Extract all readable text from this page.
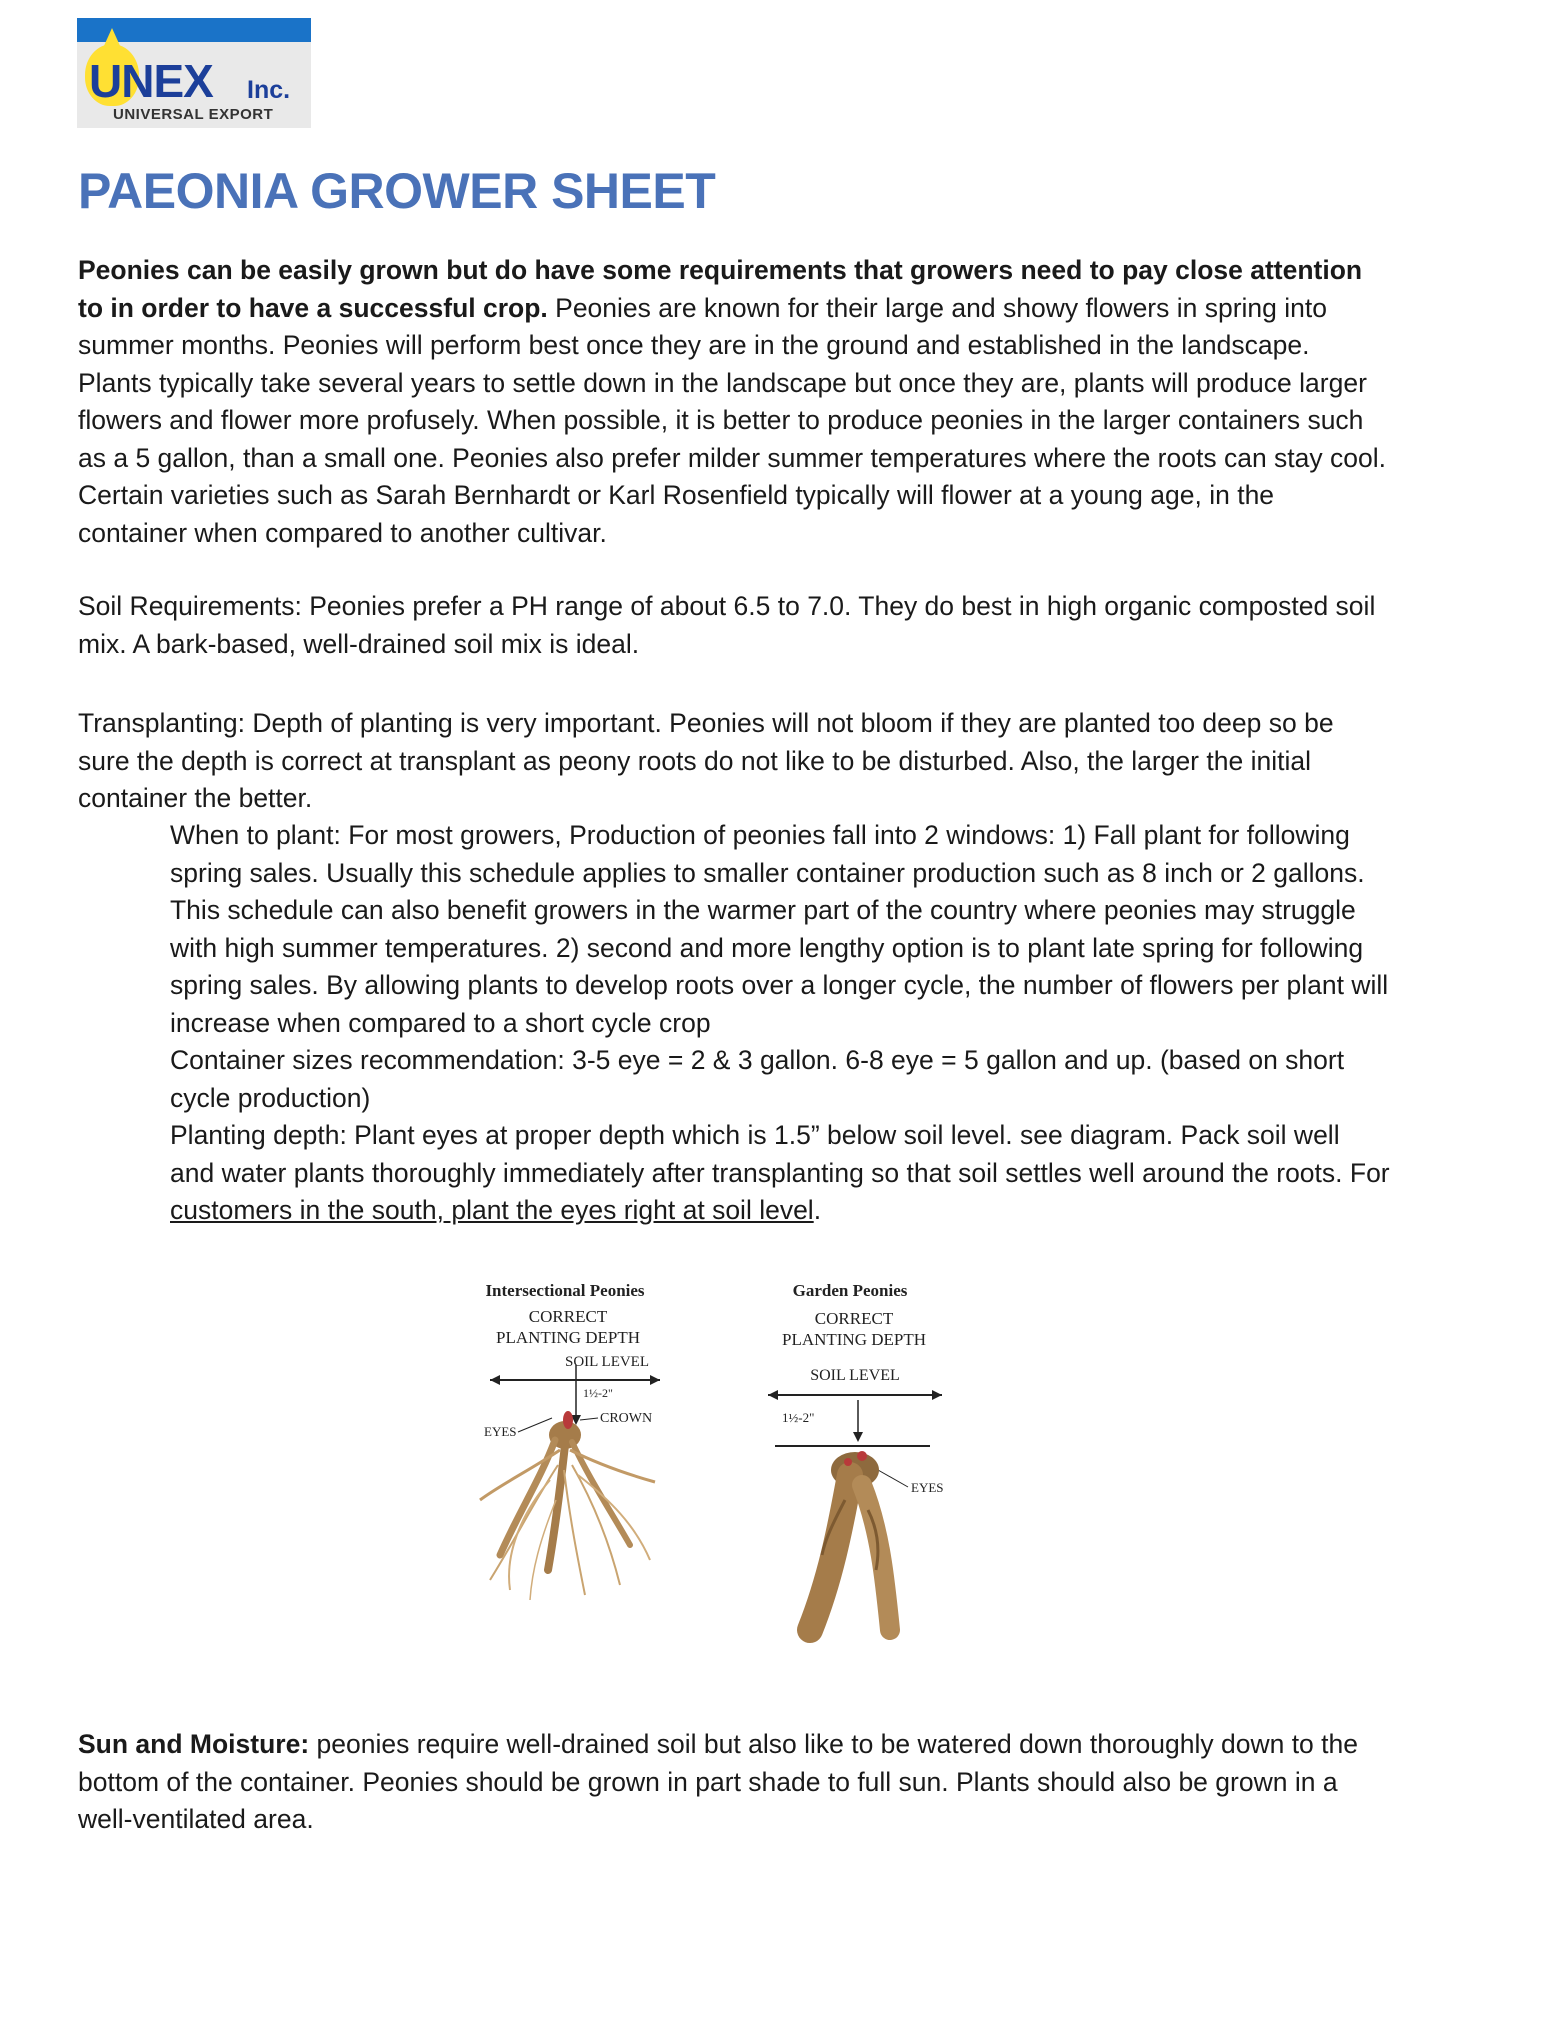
UNEX Inc.
UNIVERSAL EXPORT
PAEONIA GROWER SHEET

Peonies can be easily grown but do have some requirements that growers need to pay close attention to in order to have a successful crop. Peonies are known for their large and showy flowers in spring into summer months. Peonies will perform best once they are in the ground and established in the landscape. Plants typically take several years to settle down in the landscape but once they are, plants will produce larger flowers and flower more profusely. When possible, it is better to produce peonies in the larger containers such as a 5 gallon, than a small one. Peonies also prefer milder summer temperatures where the roots can stay cool. Certain varieties such as Sarah Bernhardt or Karl Rosenfield typically will flower at a young age, in the container when compared to another cultivar.

Soil Requirements: Peonies prefer a PH range of about 6.5 to 7.0. They do best in high organic composted soil mix. A bark-based, well-drained soil mix is ideal.

Transplanting: Depth of planting is very important. Peonies will not bloom if they are planted too deep so be sure the depth is correct at transplant as peony roots do not like to be disturbed. Also, the larger the initial container the better.

When to plant: For most growers, Production of peonies fall into 2 windows: 1) Fall plant for following spring sales. Usually this schedule applies to smaller container production such as 8 inch or 2 gallons. This schedule can also benefit growers in the warmer part of the country where peonies may struggle with high summer temperatures. 2) second and more lengthy option is to plant late spring for following spring sales. By allowing plants to develop roots over a longer cycle, the number of flowers per plant will increase when compared to a short cycle crop
Container sizes recommendation: 3-5 eye = 2 & 3 gallon. 6-8 eye = 5 gallon and up. (based on short cycle production)
Planting depth: Plant eyes at proper depth which is 1.5” below soil level. see diagram. Pack soil well and water plants thoroughly immediately after transplanting so that soil settles well around the roots. For customers in the south, plant the eyes right at soil level.

Intersectional Peonies
CORRECT
PLANTING DEPTH
SOIL LEVEL
1½-2"
CROWN
EYES
Garden Peonies
CORRECT
PLANTING DEPTH
SOIL LEVEL
1½-2"
EYES

Sun and Moisture: peonies require well-drained soil but also like to be watered down thoroughly down to the bottom of the container. Peonies should be grown in part shade to full sun. Plants should also be grown in a well-ventilated area.
